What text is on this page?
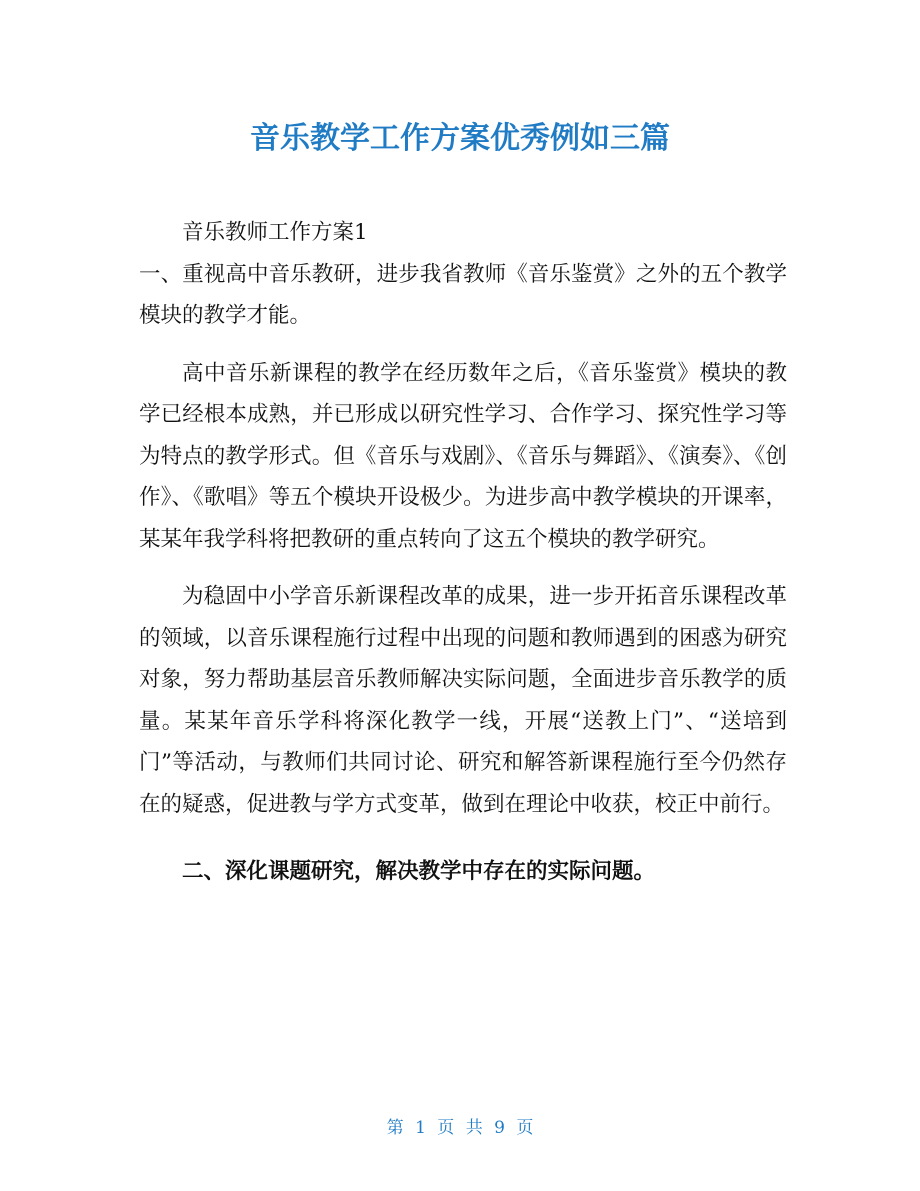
音乐教学工作方案优秀例如三篇

音乐教师工作方案1

一、重视高中音乐教研，进步我省教师《音乐鉴赏》之外的五个教学模块的教学才能。

高中音乐新课程的教学在经历数年之后，《音乐鉴赏》模块的教学已经根本成熟，并已形成以研究性学习、合作学习、探究性学习等为特点的教学形式。但《音乐与戏剧》、《音乐与舞蹈》、《演奏》、《创作》、《歌唱》等五个模块开设极少。为进步高中教学模块的开课率，某某年我学科将把教研的重点转向了这五个模块的教学研究。

为稳固中小学音乐新课程改革的成果，进一步开拓音乐课程改革的领域，以音乐课程施行过程中出现的问题和教师遇到的困惑为研究对象，努力帮助基层音乐教师解决实际问题，全面进步音乐教学的质量。某某年音乐学科将深化教学一线，开展“送教上门”、“送培到门”等活动，与教师们共同讨论、研究和解答新课程施行至今仍然存在的疑惑，促进教与学方式变革，做到在理论中收获，校正中前行。

二、深化课题研究，解决教学中存在的实际问题。

第 1 页 共 9 页
